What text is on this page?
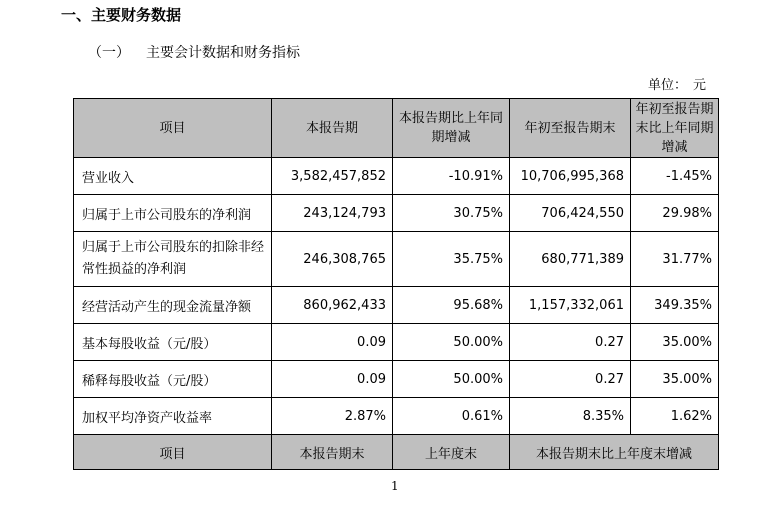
一、主要财务数据
（一） 主要会计数据和财务指标
单位： 元
项目	本报告期	本报告期比上年同期增减	年初至报告期末	年初至报告期末比上年同期增减
营业收入	3,582,457,852	-10.91%	10,706,995,368	-1.45%
归属于上市公司股东的净利润	243,124,793	30.75%	706,424,550	29.98%
归属于上市公司股东的扣除非经常性损益的净利润	246,308,765	35.75%	680,771,389	31.77%
经营活动产生的现金流量净额	860,962,433	95.68%	1,157,332,061	349.35%
基本每股收益（元/股）	0.09	50.00%	0.27	35.00%
稀释每股收益（元/股）	0.09	50.00%	0.27	35.00%
加权平均净资产收益率	2.87%	0.61%	8.35%	1.62%
项目	本报告期末	上年度末	本报告期末比上年度末增减	
1
